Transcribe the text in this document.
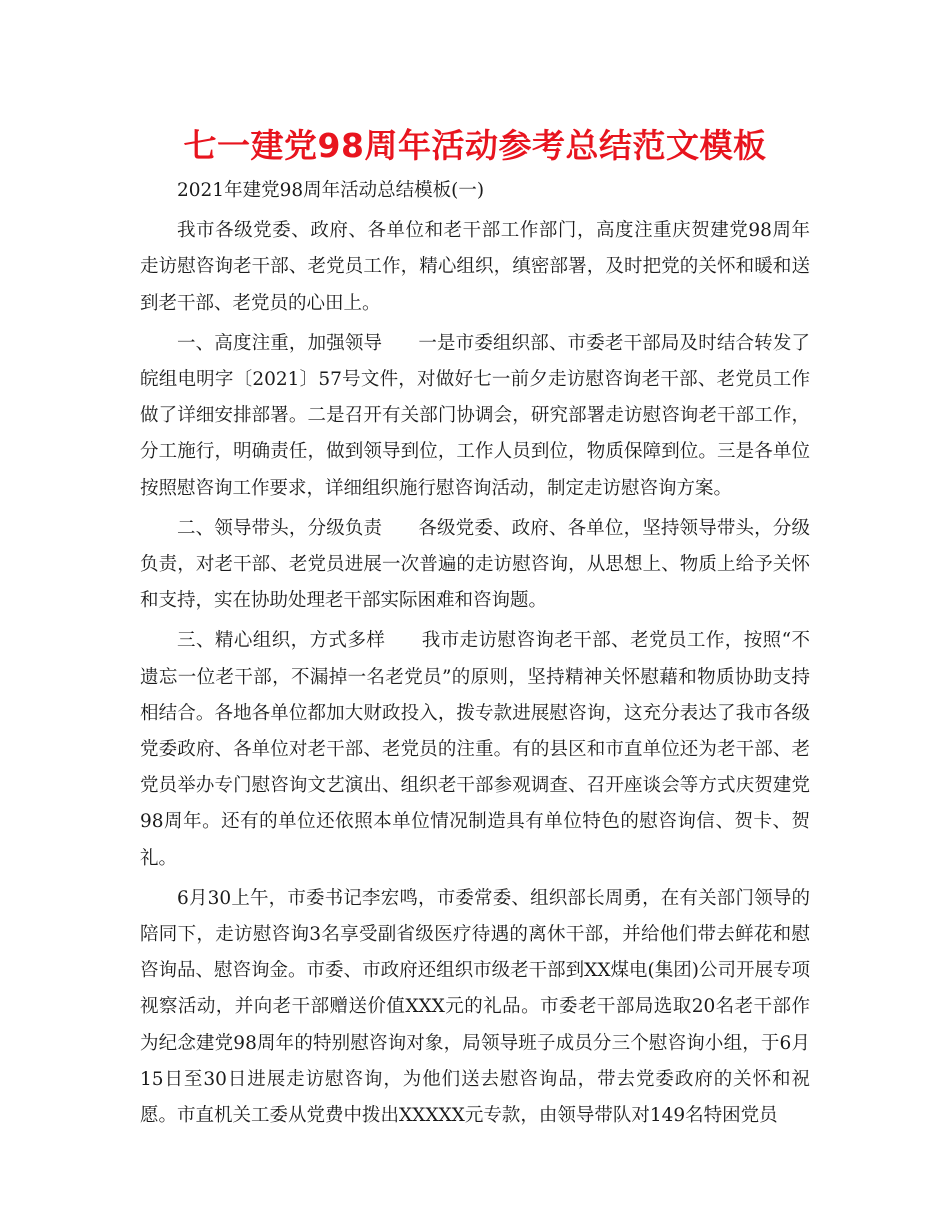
七一建党98周年活动参考总结范文模板

2021年建党98周年活动总结模板(一)

我市各级党委、政府、各单位和老干部工作部门，高度注重庆贺建党98周年走访慰咨询老干部、老党员工作，精心组织，缜密部署，及时把党的关怀和暖和送到老干部、老党员的心田上。

一、高度注重，加强领导 一是市委组织部、市委老干部局及时结合转发了皖组电明字〔2021〕57号文件，对做好七一前夕走访慰咨询老干部、老党员工作做了详细安排部署。二是召开有关部门协调会，研究部署走访慰咨询老干部工作，分工施行，明确责任，做到领导到位，工作人员到位，物质保障到位。三是各单位按照慰咨询工作要求，详细组织施行慰咨询活动，制定走访慰咨询方案。

二、领导带头，分级负责 各级党委、政府、各单位，坚持领导带头，分级负责，对老干部、老党员进展一次普遍的走访慰咨询，从思想上、物质上给予关怀和支持，实在协助处理老干部实际困难和咨询题。

三、精心组织，方式多样 我市走访慰咨询老干部、老党员工作，按照“不遗忘一位老干部，不漏掉一名老党员”的原则，坚持精神关怀慰藉和物质协助支持相结合。各地各单位都加大财政投入，拨专款进展慰咨询，这充分表达了我市各级党委政府、各单位对老干部、老党员的注重。有的县区和市直单位还为老干部、老党员举办专门慰咨询文艺演出、组织老干部参观调查、召开座谈会等方式庆贺建党98周年。还有的单位还依照本单位情况制造具有单位特色的慰咨询信、贺卡、贺礼。

6月30上午，市委书记李宏鸣，市委常委、组织部长周勇，在有关部门领导的陪同下，走访慰咨询3名享受副省级医疗待遇的离休干部，并给他们带去鲜花和慰咨询品、慰咨询金。市委、市政府还组织市级老干部到XX煤电(集团)公司开展专项视察活动，并向老干部赠送价值XXX元的礼品。市委老干部局选取20名老干部作为纪念建党98周年的特别慰咨询对象，局领导班子成员分三个慰咨询小组，于6月15日至30日进展走访慰咨询，为他们送去慰咨询品，带去党委政府的关怀和祝愿。市直机关工委从党费中拨出XXXXX元专款，由领导带队对149名特困党员
